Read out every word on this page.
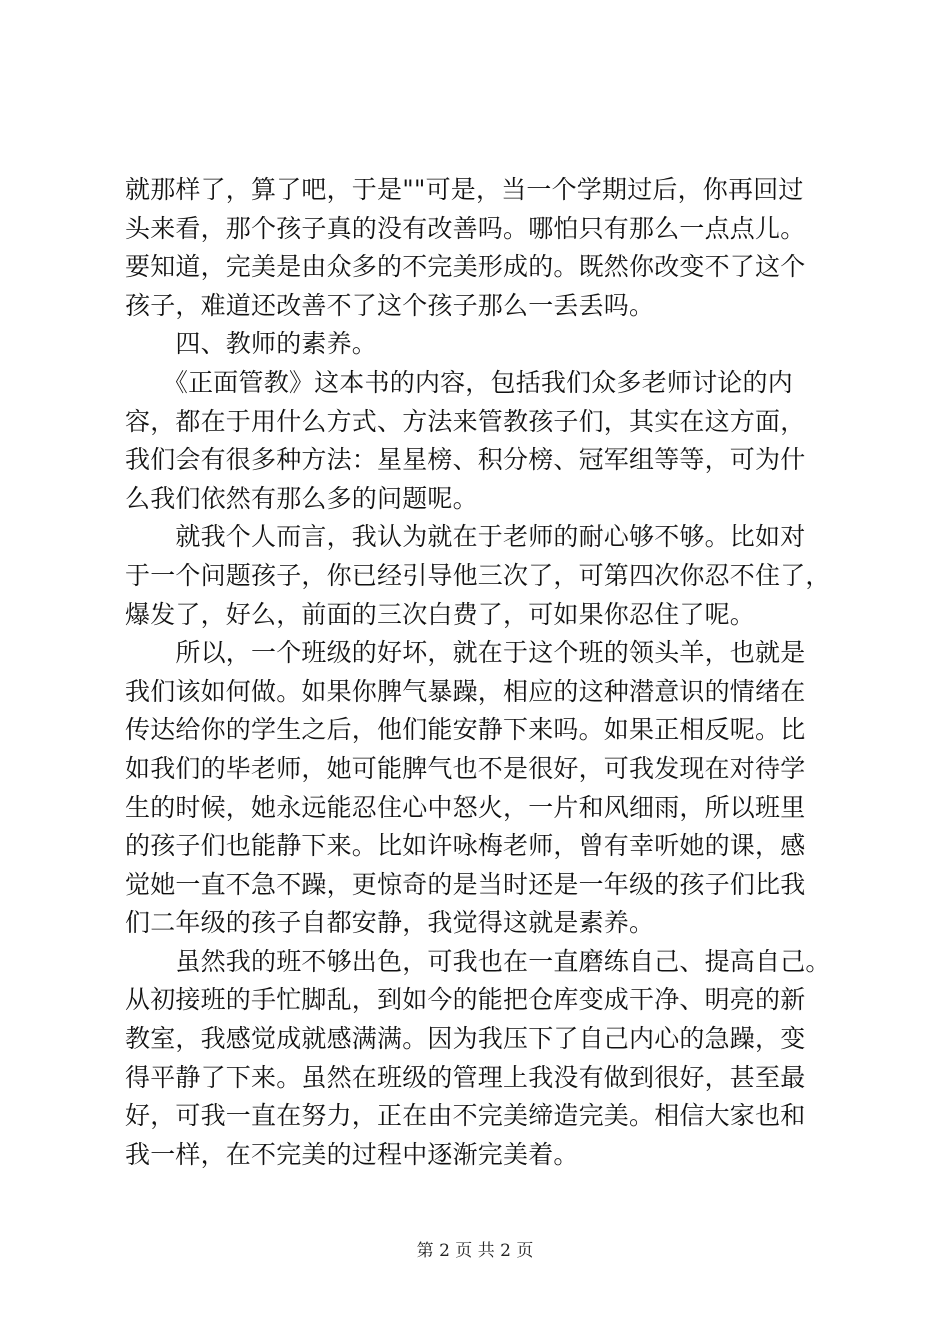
就那样了，算了吧，于是""可是，当一个学期过后，你再回过
头来看，那个孩子真的没有改善吗。哪怕只有那么一点点儿。
要知道，完美是由众多的不完美形成的。既然你改变不了这个
孩子，难道还改善不了这个孩子那么一丢丢吗。
　　四、教师的素养。
　　《正面管教》这本书的内容，包括我们众多老师讨论的内
容，都在于用什么方式、方法来管教孩子们，其实在这方面，
我们会有很多种方法：星星榜、积分榜、冠军组等等，可为什
么我们依然有那么多的问题呢。
　　就我个人而言，我认为就在于老师的耐心够不够。比如对
于一个问题孩子，你已经引导他三次了，可第四次你忍不住了，
爆发了，好么，前面的三次白费了，可如果你忍住了呢。
　　所以，一个班级的好坏，就在于这个班的领头羊，也就是
我们该如何做。如果你脾气暴躁，相应的这种潜意识的情绪在
传达给你的学生之后，他们能安静下来吗。如果正相反呢。比
如我们的毕老师，她可能脾气也不是很好，可我发现在对待学
生的时候，她永远能忍住心中怒火，一片和风细雨，所以班里
的孩子们也能静下来。比如许咏梅老师，曾有幸听她的课，感
觉她一直不急不躁，更惊奇的是当时还是一年级的孩子们比我
们二年级的孩子自都安静，我觉得这就是素养。
　　虽然我的班不够出色，可我也在一直磨练自己、提高自己。
从初接班的手忙脚乱，到如今的能把仓库变成干净、明亮的新
教室，我感觉成就感满满。因为我压下了自己内心的急躁，变
得平静了下来。虽然在班级的管理上我没有做到很好，甚至最
好，可我一直在努力，正在由不完美缔造完美。相信大家也和
我一样，在不完美的过程中逐渐完美着。
第 2 页 共 2 页
